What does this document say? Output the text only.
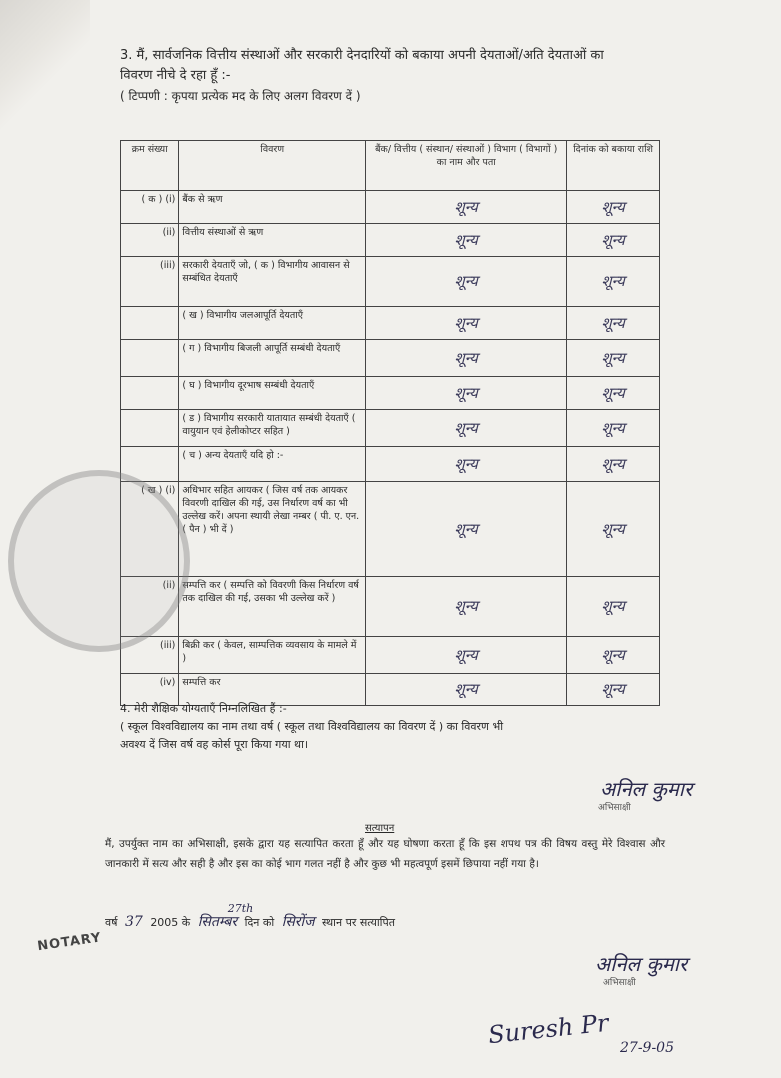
3. मैं, सार्वजनिक वित्तीय संस्थाओं और सरकारी देनदारियों को बकाया अपनी देयताओं/अति देयताओं का
विवरण नीचे दे रहा हूँ :-
( टिप्पणी : कृपया प्रत्येक मद के लिए अलग विवरण दें )
क्रम संख्या	विवरण	बैंक/ वित्तीय ( संस्थान/ संस्थाओं ) विभाग ( विभागों ) का नाम और पता	दिनांक को बकाया राशि
( क ) (i)	बैंक से ऋण	शून्य	शून्य
(ii)	वित्तीय संस्थाओं से ऋण	शून्य	शून्य
(iii)	सरकारी देयताएँ जो, ( क ) विभागीय आवासन से सम्बंधित देयताएँ	शून्य	शून्य
	( ख ) विभागीय जलआपूर्ति देयताएँ	शून्य	शून्य
	( ग ) विभागीय बिजली आपूर्ति सम्बंधी देयताएँ	शून्य	शून्य
	( घ ) विभागीय दूरभाष सम्बंधी देयताएँ	शून्य	शून्य
	( ड ) विभागीय सरकारी यातायात सम्बंधी देयताएँ ( वायुयान एवं हेलीकोप्टर सहित )	शून्य	शून्य
	( च ) अन्य देयताएँ यदि हो :-	शून्य	शून्य
( ख ) (i)	अधिभार सहित आयकर ( जिस वर्ष तक आयकर विवरणी दाखिल की गई, उस निर्धारण वर्ष का भी उल्लेख करें। अपना स्थायी लेखा नम्बर ( पी. ए. एन. ( पैन ) भी दें )	शून्य	शून्य
(ii)	सम्पत्ति कर ( सम्पत्ति को विवरणी किस निर्धारण वर्ष तक दाखिल की गई, उसका भी उल्लेख करें )	शून्य	शून्य
(iii)	बिक्री कर ( केवल, साम्पत्तिक व्यवसाय के मामले में )	शून्य	शून्य
(iv)	सम्पत्ति कर	शून्य	शून्य
4. मेरी शैक्षिक योग्यताएँ निम्नलिखित हैं :-
( स्कूल विश्वविद्यालय का नाम तथा वर्ष ( स्कूल तथा विश्वविद्यालय का विवरण दें ) का विवरण भी
अवश्य दें जिस वर्ष वह कोर्स पूरा किया गया था।
अनिल कुमार
अभिसाक्षी
सत्यापन
मैं, उपर्युक्त नाम का अभिसाक्षी, इसके द्वारा यह सत्यापित करता हूँ और यह घोषणा करता हूँ कि इस शपथ पत्र की विषय वस्तु मेरे विश्वास और जानकारी में सत्य और सही है और इस का कोई भाग गलत नहीं है और कुछ भी महत्वपूर्ण इसमें छिपाया नहीं गया है।
वर्ष 37 2005 के सितम्बर
27th
दिन को सिरोंज स्थान पर सत्यापित
अनिल कुमार
अभिसाक्षी
NOTARY
Suresh Pr 27-9-05
